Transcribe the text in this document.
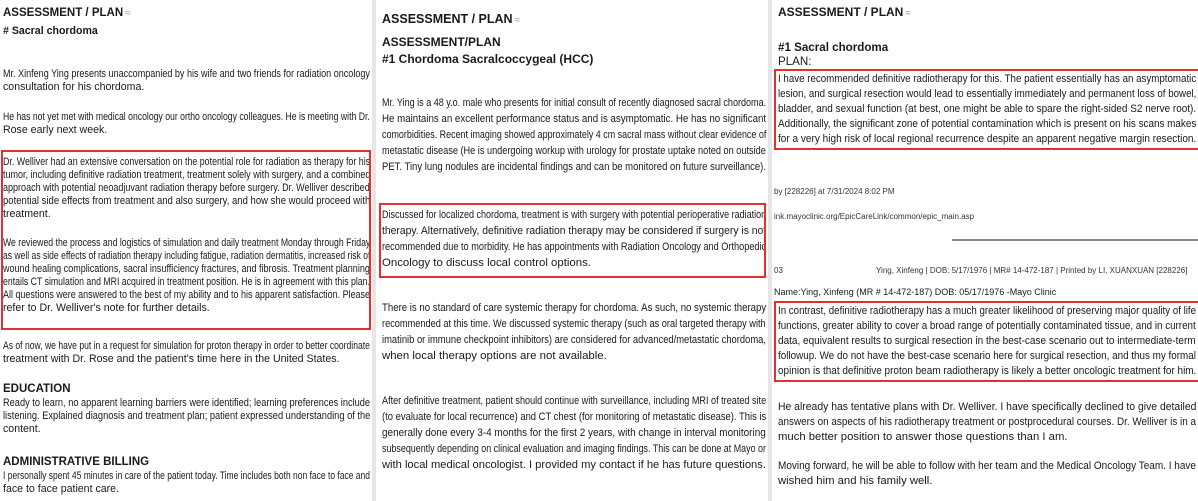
ASSESSMENT / PLAN ≈
# Sacral chordoma
Mr. Xinfeng Ying presents unaccompanied by his wife and two friends for radiation oncology
consultation for his chordoma.
He has not yet met with medical oncology our ortho oncology colleagues. He is meeting with Dr.
Rose early next week.
Dr. Welliver had an extensive conversation on the potential role for radiation as therapy for his
tumor, including definitive radiation treatment, treatment solely with surgery, and a combined
approach with potential neoadjuvant radiation therapy before surgery. Dr. Welliver described
potential side effects from treatment and also surgery, and how she would proceed with
treatment.
We reviewed the process and logistics of simulation and daily treatment Monday through Friday
as well as side effects of radiation therapy including fatigue, radiation dermatitis, increased risk of
wound healing complications, sacral insufficiency fractures, and fibrosis. Treatment planning
entails CT simulation and MRI acquired in treatment position. He is in agreement with this plan.
All questions were answered to the best of my ability and to his apparent satisfaction. Please
refer to Dr. Welliver's note for further details.
As of now, we have put in a request for simulation for proton therapy in order to better coordinate
treatment with Dr. Rose and the patient's time here in the United States.
EDUCATION
Ready to learn, no apparent learning barriers were identified; learning preferences include
listening. Explained diagnosis and treatment plan; patient expressed understanding of the
content.
ADMINISTRATIVE BILLING
I personally spent 45 minutes in care of the patient today. Time includes both non face to face and
face to face patient care.
ASSESSMENT / PLAN ≈
ASSESSMENT/PLAN
#1 Chordoma Sacralcoccygeal (HCC)
Mr. Ying is a 48 y.o. male who presents for initial consult of recently diagnosed sacral chordoma.
He maintains an excellent performance status and is asymptomatic. He has no significant
comorbidities. Recent imaging showed approximately 4 cm sacral mass without clear evidence of
metastatic disease (He is undergoing workup with urology for prostate uptake noted on outside
PET. Tiny lung nodules are incidental findings and can be monitored on future surveillance).
Discussed for localized chordoma, treatment is with surgery with potential perioperative radiation
therapy. Alternatively, definitive radiation therapy may be considered if surgery is not
recommended due to morbidity. He has appointments with Radiation Oncology and Orthopedic
Oncology to discuss local control options.
There is no standard of care systemic therapy for chordoma. As such, no systemic therapy
recommended at this time. We discussed systemic therapy (such as oral targeted therapy with
imatinib or immune checkpoint inhibitors) are considered for advanced/metastatic chordoma,
when local therapy options are not available.
After definitive treatment, patient should continue with surveillance, including MRI of treated site
(to evaluate for local recurrence) and CT chest (for monitoring of metastatic disease). This is
generally done every 3-4 months for the first 2 years, with change in interval monitoring
subsequently depending on clinical evaluation and imaging findings. This can be done at Mayo or
with local medical oncologist. I provided my contact if he has future questions.
ASSESSMENT / PLAN ≈
#1 Sacral chordoma
PLAN:
I have recommended definitive radiotherapy for this. The patient essentially has an asymptomatic
lesion, and surgical resection would lead to essentially immediately and permanent loss of bowel,
bladder, and sexual function (at best, one might be able to spare the right-sided S2 nerve root).
Additionally, the significant zone of potential contamination which is present on his scans makes
for a very high risk of local regional recurrence despite an apparent negative margin resection.
by [228226] at 7/31/2024 8:02 PM
ink.mayoclinic.org/EpicCareLink/common/epic_main.asp
03	Ying, Xinfeng | DOB: 5/17/1976 | MR# 14-472-187 | Printed by LI, XUANXUAN [228226]
Name:Ying, Xinfeng (MR # 14-472-187) DOB: 05/17/1976 -Mayo Clinic
In contrast, definitive radiotherapy has a much greater likelihood of preserving major quality of life
functions, greater ability to cover a broad range of potentially contaminated tissue, and in current
data, equivalent results to surgical resection in the best-case scenario out to intermediate-term
followup. We do not have the best-case scenario here for surgical resection, and thus my formal
opinion is that definitive proton beam radiotherapy is likely a better oncologic treatment for him.
He already has tentative plans with Dr. Welliver. I have specifically declined to give detailed
answers on aspects of his radiotherapy treatment or postprocedural courses. Dr. Welliver is in a
much better position to answer those questions than I am.
Moving forward, he will be able to follow with her team and the Medical Oncology Team. I have
wished him and his family well.
